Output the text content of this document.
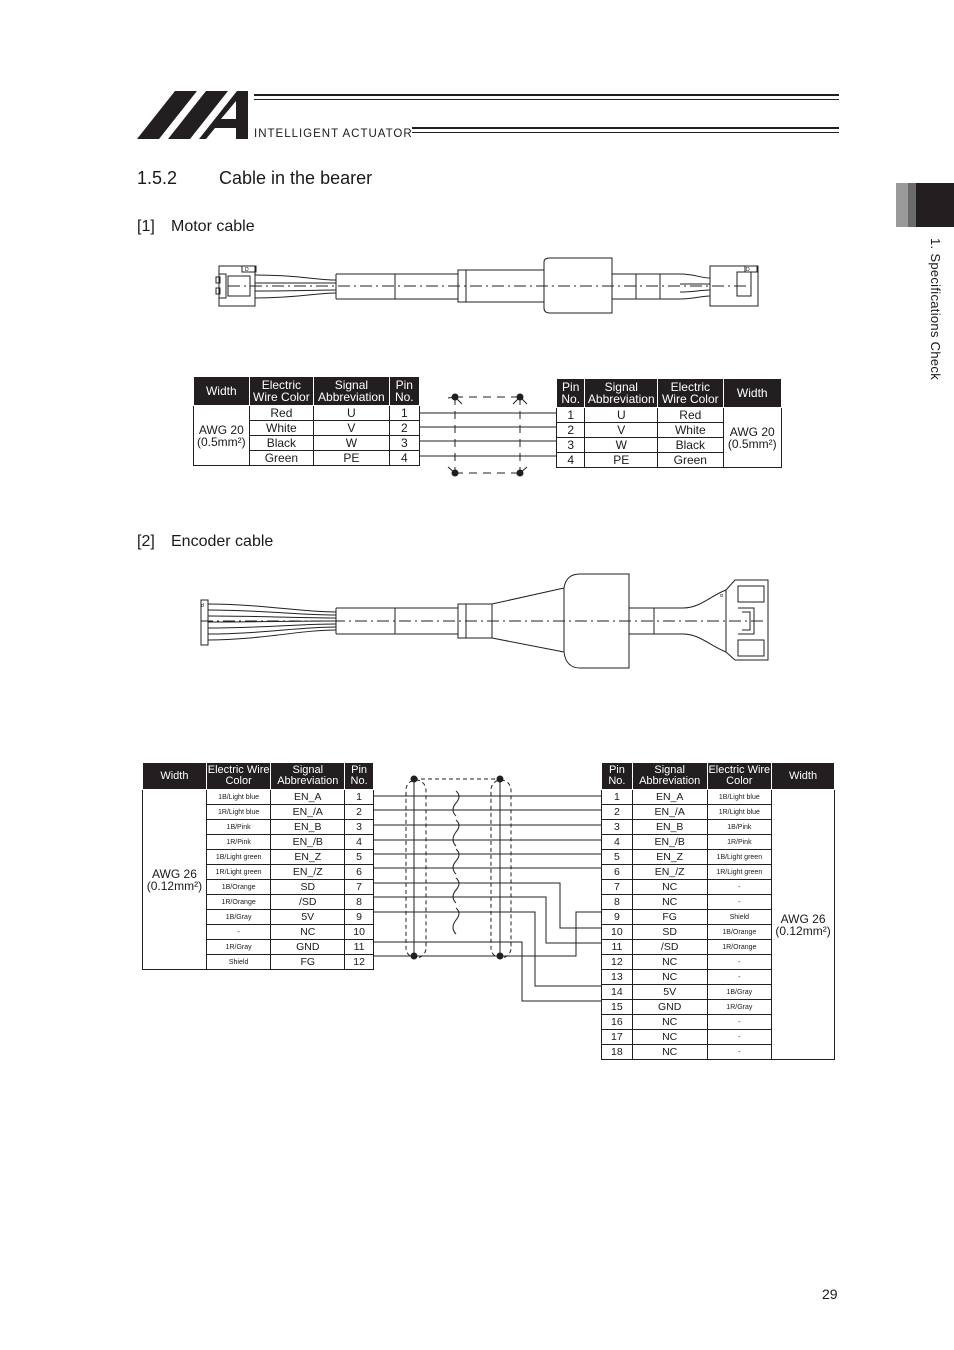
D	D
d
α
INTELLIGENT ACTUATOR
1.5.2 Cable in the bearer
1. Specifications Check
[1] Motor cable
Width	Electric Wire Color	Signal Abbreviation	Pin No.
AWG 20
(0.5mm²)	Red	U	1
	White	V	2
	Black	W	3
	Green	PE	4
Pin No.	Signal Abbreviation	Electric Wire Color	Width
1	U	Red	AWG 20
(0.5mm²)
2	V	White	
3	W	Black	
4	PE	Green	
[2] Encoder cable
Width	Electric Wire Color	Signal Abbreviation	Pin No.
AWG 26
(0.12mm²)	1B/Light blue	EN_A	1
	1R/Light blue	EN_/A	2
	1B/Pink	EN_B	3
	1R/Pink	EN_/B	4
	1B/Light green	EN_Z	5
	1R/Light green	EN_/Z	6
	1B/Orange	SD	7
	1R/Orange	/SD	8
	1B/Gray	5V	9
	-	NC	10
	1R/Gray	GND	11
	Shield	FG	12
Pin No.	Signal Abbreviation	Electric Wire Color	Width
1	EN_A	1B/Light blue	AWG 26
(0.12mm²)
2	EN_/A	1R/Light blue	
3	EN_B	1B/Pink	
4	EN_/B	1R/Pink	
5	EN_Z	1B/Light green	
6	EN_/Z	1R/Light green	
7	NC	-	
8	NC	-	
9	FG	Shield	
10	SD	1B/Orange	
11	/SD	1R/Orange	
12	NC	-	
13	NC	-	
14	5V	1B/Gray	
15	GND	1R/Gray	
16	NC	-	
17	NC	-	
18	NC	-	
29
